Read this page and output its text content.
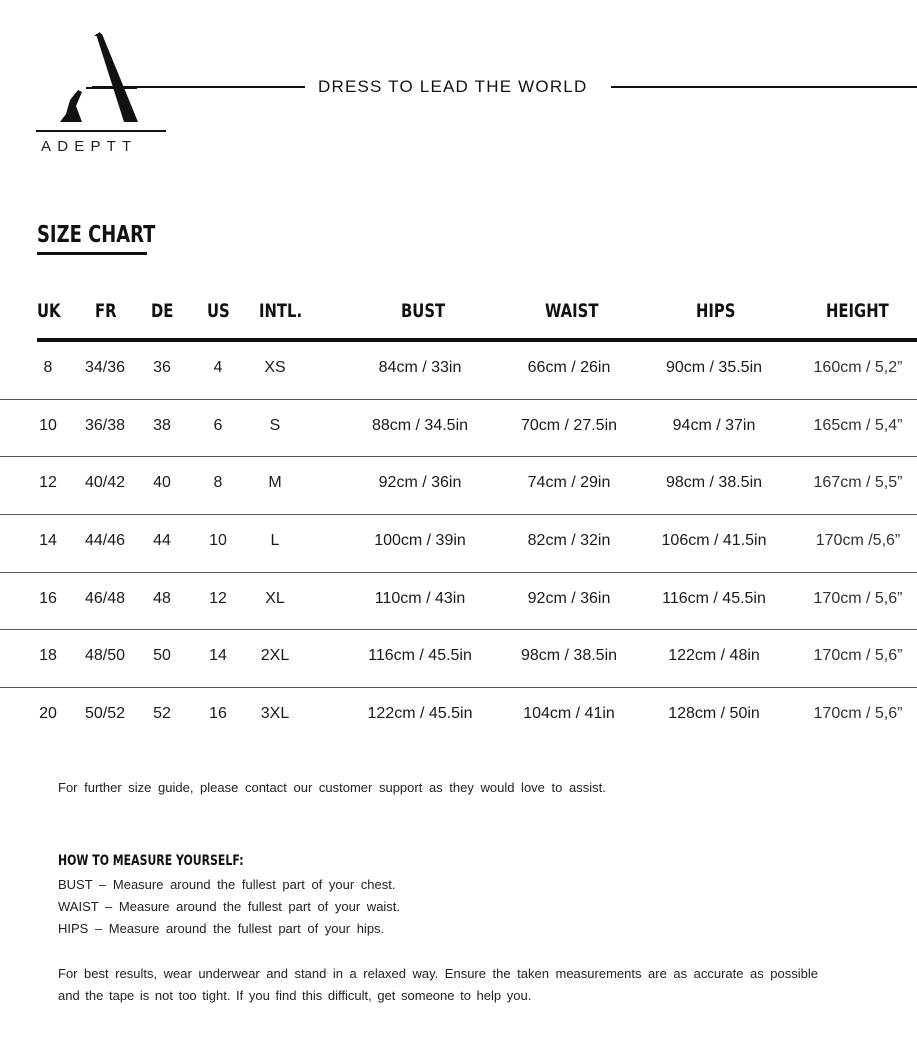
ADEPTT
DRESS TO LEAD THE WORLD
SIZE CHART
UK FR DE US INTL.	BUST	WAIST	HIPS	HEIGHT
8 34/36 36	4	XS	84cm / 33in	66cm / 26in	90cm / 35.5in	160cm / 5,2”
10 36/38 38	6	S	88cm / 34.5in	70cm / 27.5in	94cm / 37in	165cm / 5,4”
12 40/42 40	8	M	92cm / 36in	74cm / 29in	98cm / 38.5in	167cm / 5,5”
14 44/46 44 10	L	100cm / 39in	82cm / 32in	106cm / 41.5in	170cm /5,6”
16 46/48 48 12 XL	110cm / 43in	92cm / 36in	116cm / 45.5in	170cm / 5,6”
18 48/50 50 14 2XL	116cm / 45.5in	98cm / 38.5in	122cm / 48in	170cm / 5,6”
20 50/52 52 16 3XL	122cm / 45.5in	104cm / 41in	128cm / 50in	170cm / 5,6”
For further size guide, please contact our customer support as they would love to assist.
HOW TO MEASURE YOURSELF:
BUST – Measure around the fullest part of your chest.
WAIST – Measure around the fullest part of your waist.
HIPS – Measure around the fullest part of your hips.
For best results, wear underwear and stand in a relaxed way. Ensure the taken measurements are as accurate as possible and the tape is not too tight. If you find this difficult, get someone to help you.
